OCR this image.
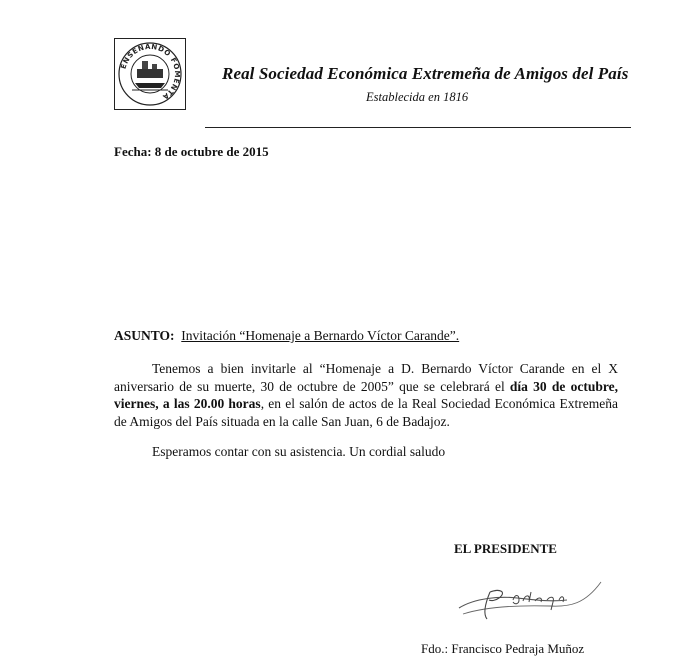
ENSEÑANDO FOMENTA
Real Sociedad Económica Extremeña de Amigos del País
Establecida en 1816
Fecha: 8 de octubre de 2015
ASUNTO: Invitación “Homenaje a Bernardo Víctor Carande”.
Tenemos a bien invitarle al “Homenaje a D. Bernardo Víctor Carande en el X aniversario de su muerte, 30 de octubre de 2005” que se celebrará el día 30 de octubre, viernes, a las 20.00 horas, en el salón de actos de la Real Sociedad Económica Extremeña de Amigos del País situada en la calle San Juan, 6 de Badajoz.
Esperamos contar con su asistencia. Un cordial saludo
EL PRESIDENTE
Fdo.: Francisco Pedraja Muñoz
